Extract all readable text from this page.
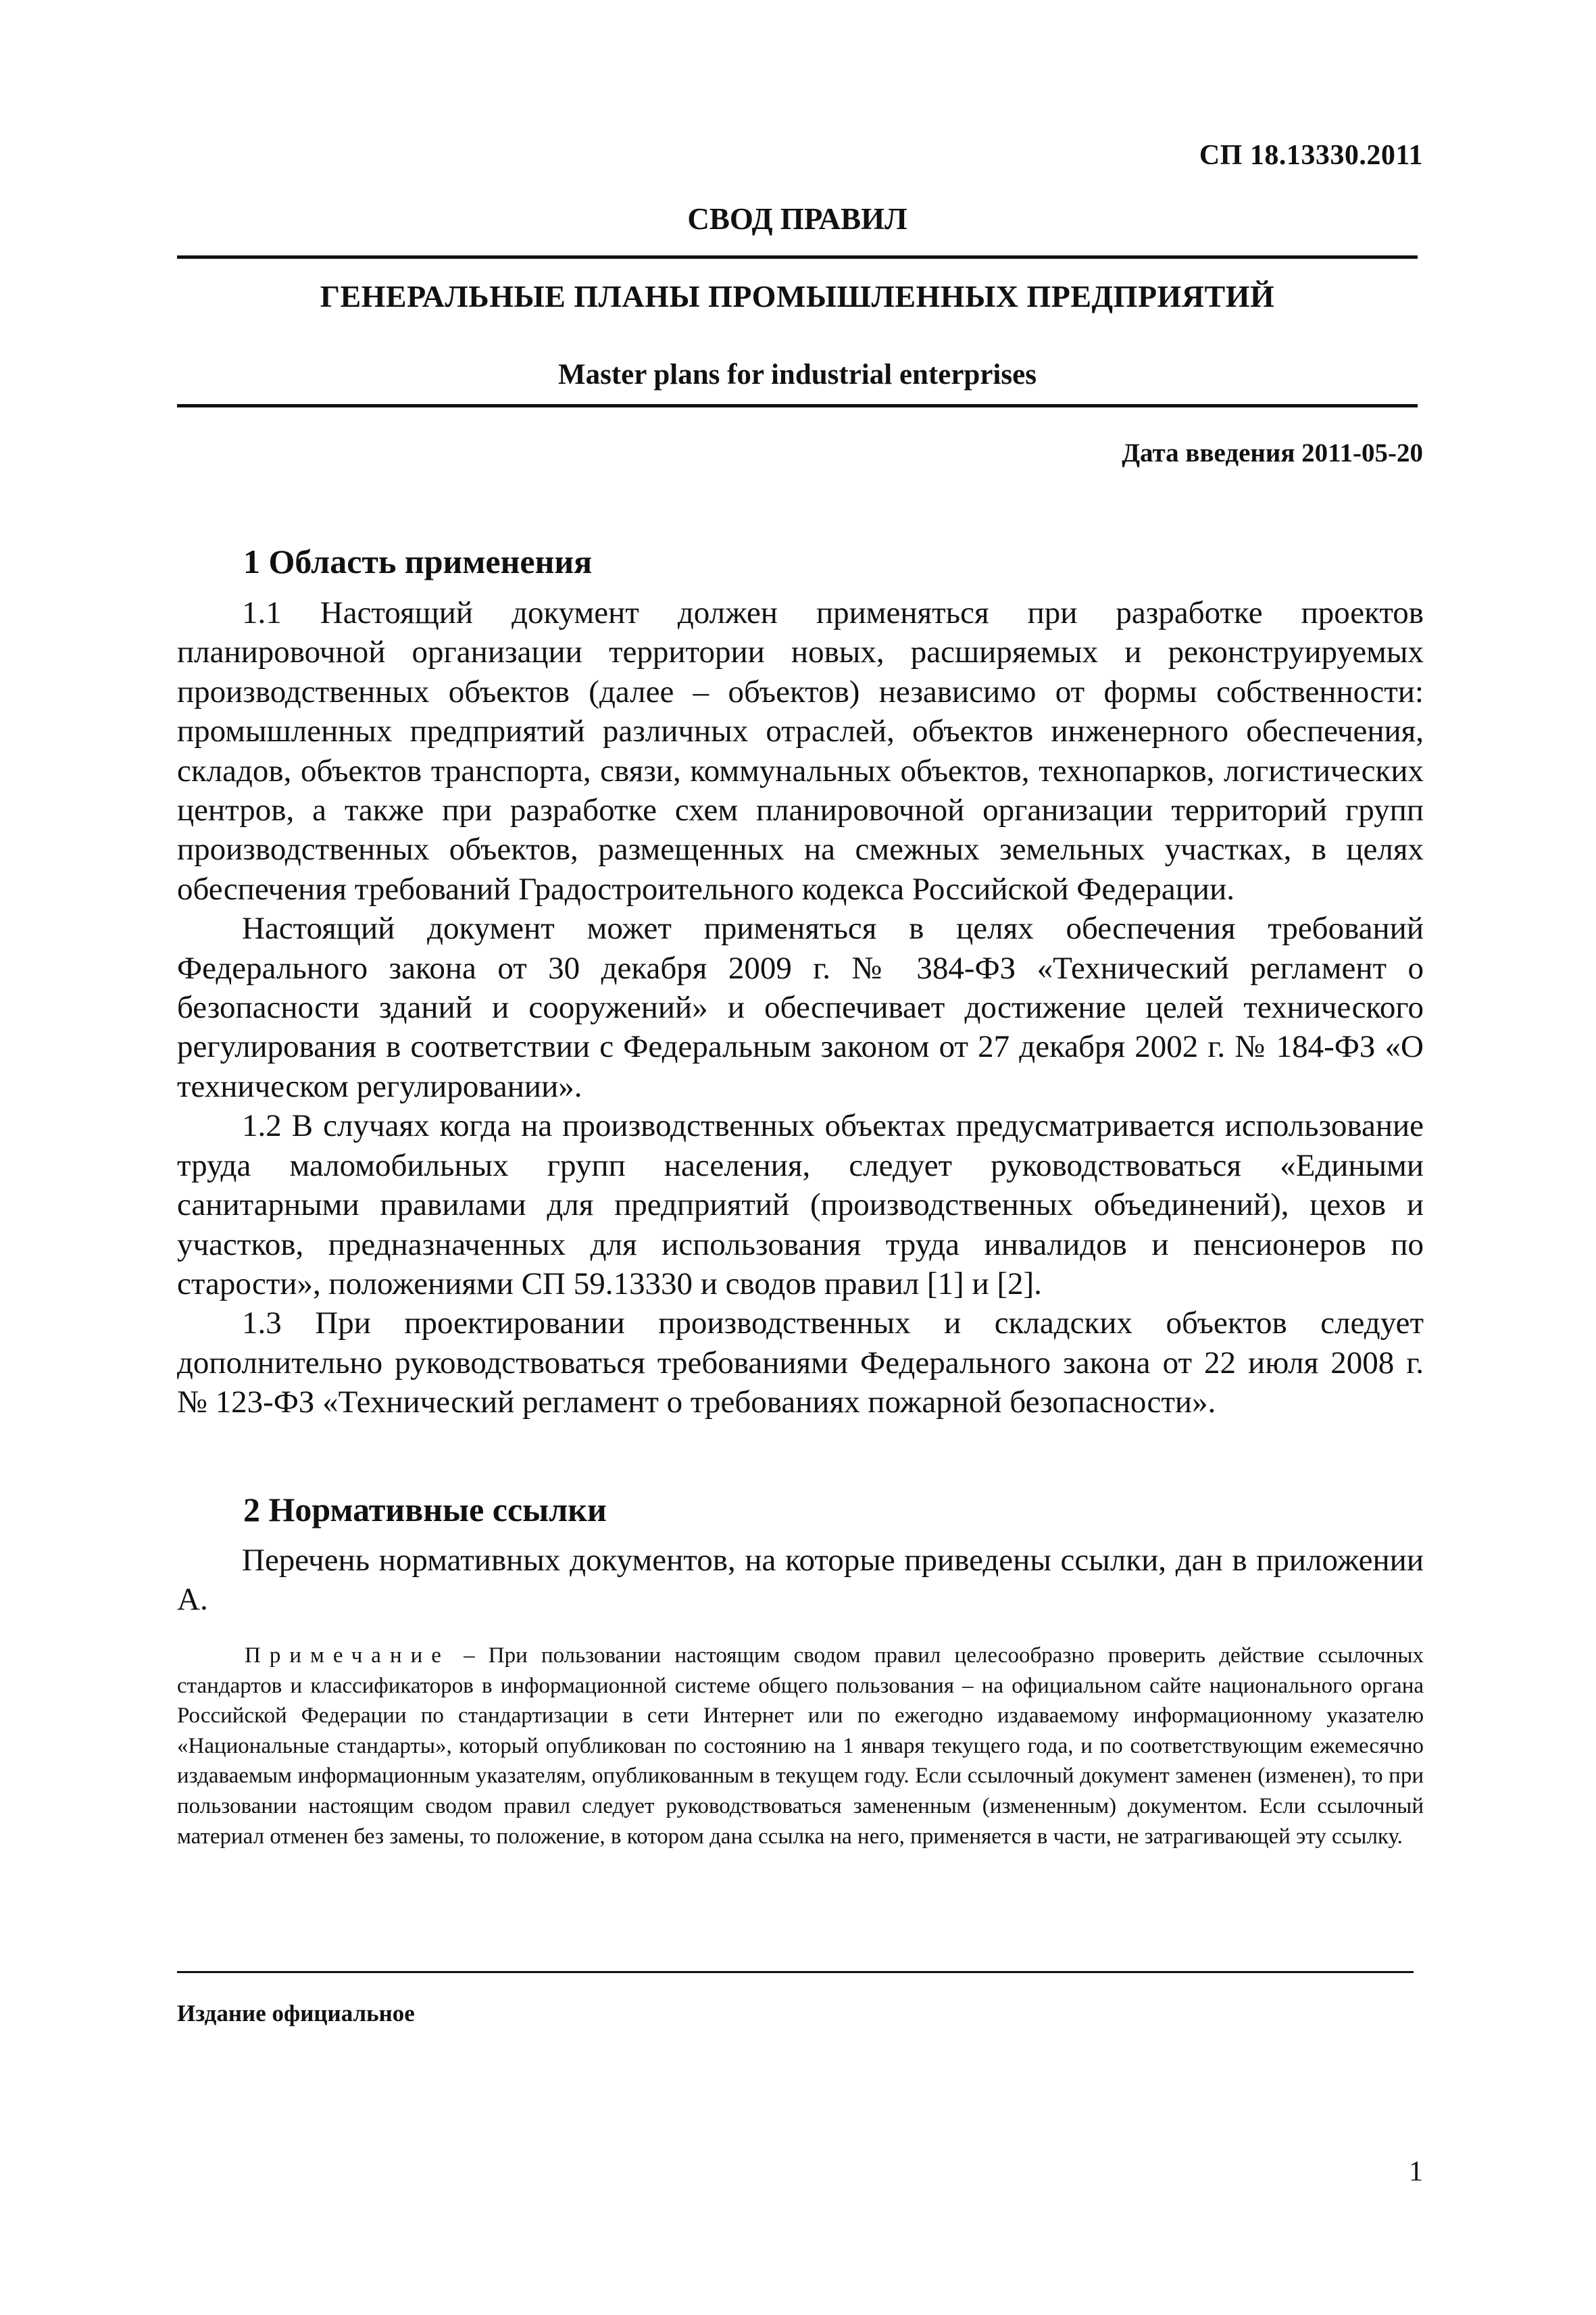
СП 18.13330.2011
СВОД ПРАВИЛ
ГЕНЕРАЛЬНЫЕ ПЛАНЫ ПРОМЫШЛЕННЫХ ПРЕДПРИЯТИЙ
Master plans for industrial enterprises
Дата введения 2011-05-20
1 Область применения

1.1 Настоящий документ должен применяться при разработке проектов планировочной организации территории новых, расширяемых и реконструируемых производственных объектов (далее – объектов) независимо от формы собственности: промышленных предприятий различных отраслей, объектов инженерного обеспечения, складов, объектов транспорта, связи, коммунальных объектов, технопарков, логистических центров, а также при разработке схем планировочной организации территорий групп производственных объектов, размещенных на смежных земельных участках, в целях обеспечения требований Градостроительного кодекса Российской Федерации.

Настоящий документ может применяться в целях обеспечения требований Федерального закона от 30 декабря 2009 г. № 384-ФЗ «Технический регламент о безопасности зданий и сооружений» и обеспечивает достижение целей технического регулирования в соответствии с Федеральным законом от 27 декабря 2002 г. № 184-ФЗ «О техническом регулировании».

1.2 В случаях когда на производственных объектах предусматривается использование труда маломобильных групп населения, следует руководствоваться «Едиными санитарными правилами для предприятий (производственных объединений), цехов и участков, предназначенных для использования труда инвалидов и пенсионеров по старости», положениями СП 59.13330 и сводов правил [1] и [2].

1.3 При проектировании производственных и складских объектов следует дополнительно руководствоваться требованиями Федерального закона от 22 июля 2008 г. № 123-ФЗ «Технический регламент о требованиях пожарной безопасности».

2 Нормативные ссылки

Перечень нормативных документов, на которые приведены ссылки, дан в приложении А.

Примечание – При пользовании настоящим сводом правил целесообразно проверить действие ссылочных стандартов и классификаторов в информационной системе общего пользования – на официальном сайте национального органа Российской Федерации по стандартизации в сети Интернет или по ежегодно издаваемому информационному указателю «Национальные стандарты», который опубликован по состоянию на 1 января текущего года, и по соответствующим ежемесячно издаваемым информационным указателям, опубликованным в текущем году. Если ссылочный документ заменен (изменен), то при пользовании настоящим сводом правил следует руководствоваться замененным (измененным) документом. Если ссылочный материал отменен без замены, то положение, в котором дана ссылка на него, применяется в части, не затрагивающей эту ссылку.

Издание официальное
1
